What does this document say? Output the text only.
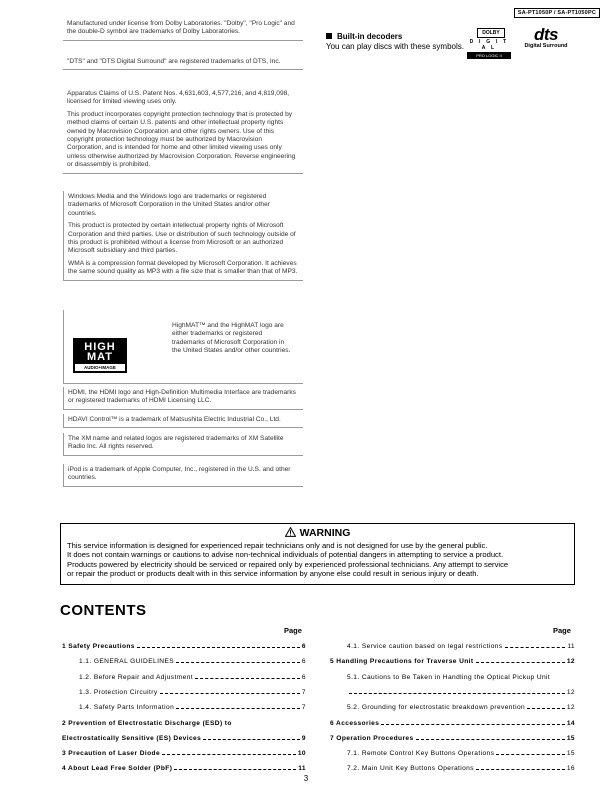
SA-PT1050P / SA-PT1050PC

Manufactured under license from Dolby Laboratories. "Dolby", "Pro Logic" and the double-D symbol are trademarks of Dolby Laboratories.

"DTS" and "DTS Digital Surround" are registered trademarks of DTS, Inc.

Apparatus Claims of U.S. Patent Nos. 4,631,603, 4,577,216, and 4,819,098, licensed for limited viewing uses only.

This product incorporates copyright protection technology that is protected by method claims of certain U.S. patents and other intellectual property rights owned by Macrovision Corporation and other rights owners. Use of this copyright protection technology must be authorized by Macrovision Corporation, and is intended for home and other limited viewing uses only unless otherwise authorized by Macrovision Corporation. Reverse engineering or disassembly is prohibited.

Windows Media and the Windows logo are trademarks or registered trademarks of Microsoft Corporation in the United States and/or other countries.

This product is protected by certain intellectual property rights of Microsoft Corporation and third parties. Use or distribution of such technology outside of this product is prohibited without a license from Microsoft or an authorized Microsoft subsidiary and third parties.

WMA is a compression format developed by Microsoft Corporation. It achieves the same sound quality as MP3 with a file size that is smaller than that of MP3.

HighMAT™ and the HighMAT logo are either trademarks or registered trademarks of Microsoft Corporation in the United States and/or other countries.
HIGH
MAT
AUDIO+IMAGE

HDMI, the HDMI logo and High-Definition Multimedia Interface are trademarks or registered trademarks of HDMI Licensing LLC.

HDAVI Control™ is a trademark of Matsushita Electric Industrial Co., Ltd.

The XM name and related logos are registered trademarks of XM Satellite Radio Inc. All rights reserved.

iPod is a trademark of Apple Computer, Inc., registered in the U.S. and other countries.

Built-in decoders
You can play discs with these symbols.
DOLBY
D I G I T A L
PRO LOGIC II
dts
Digital Surround
WARNING
This service information is designed for experienced repair technicians only and is not designed for use by the general public.
It does not contain warnings or cautions to advise non-technical individuals of potential dangers in attempting to service a product.
Products powered by electricity should be serviced or repaired only by experienced professional technicians. Any attempt to service
or repair the product or products dealt with in this service information by anyone else could result in serious injury or death.
CONTENTS
Page	Page
1 Safety Precautions	6
1.1. GENERAL GUIDELINES	6
1.2. Before Repair and Adjustment	6
1.3. Protection Circuitry	7
1.4. Safety Parts Information	7
2 Prevention of Electrostatic Discharge (ESD) to
Electrostatically Sensitive (ES) Devices	9
3 Precaution of Laser Diode	10
4 About Lead Free Solder (PbF)	11
4.1. Service caution based on legal restrictions	11
5 Handling Precautions for Traverse Unit	12
5.1. Cautions to Be Taken in Handling the Optical Pickup Unit
12
5.2. Grounding for electrostatic breakdown prevention	12
6 Accessories	14
7 Operation Procedures	15
7.1. Remote Control Key Buttons Operations	15
7.2. Main Unit Key Buttons Operations	16
3
